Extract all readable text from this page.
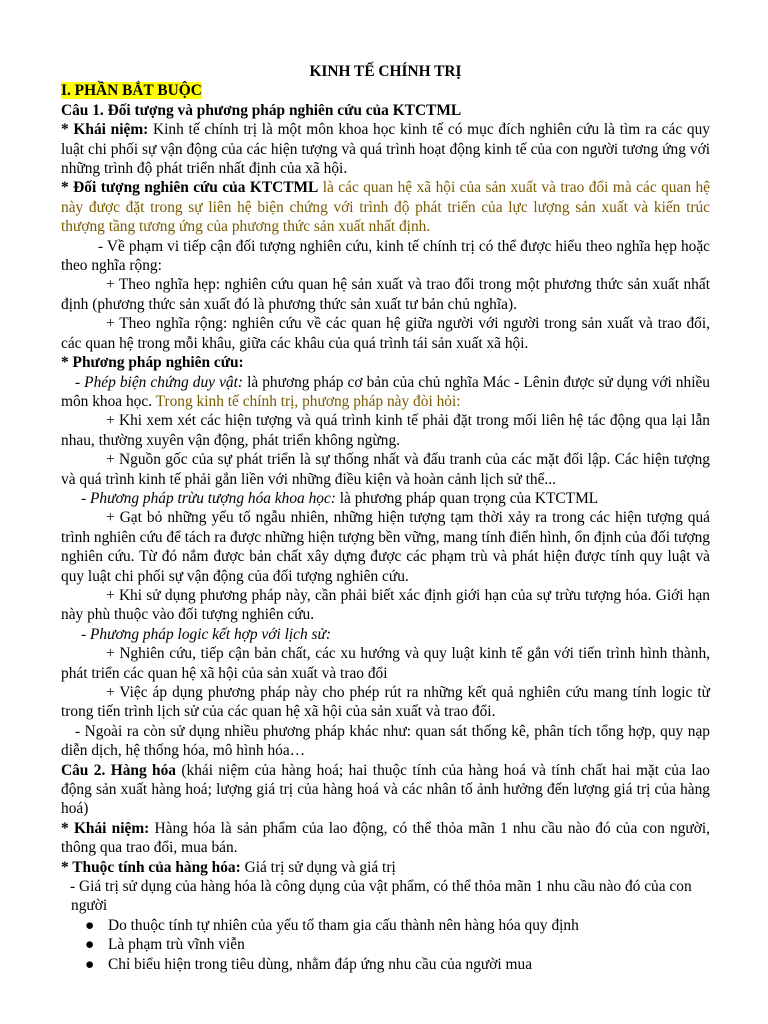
KINH TẾ CHÍNH TRỊ

I. PHẦN BẮT BUỘC

Câu 1. Đối tượng và phương pháp nghiên cứu của KTCTML

* Khái niệm: Kinh tế chính trị là một môn khoa học kinh tế có mục đích nghiên cứu là tìm ra các quy luật chi phối sự vận động của các hiện tượng và quá trình hoạt động kinh tế của con người tương ứng với những trình độ phát triển nhất định của xã hội.

* Đối tượng nghiên cứu của KTCTML là các quan hệ xã hội của sản xuất và trao đổi mà các quan hệ này được đặt trong sự liên hệ biện chứng với trình độ phát triển của lực lượng sản xuất và kiến trúc thượng tầng tương ứng của phương thức sản xuất nhất định.

- Về phạm vi tiếp cận đối tượng nghiên cứu, kinh tế chính trị có thể được hiểu theo nghĩa hẹp hoặc theo nghĩa rộng:

+ Theo nghĩa hẹp: nghiên cứu quan hệ sản xuất và trao đổi trong một phương thức sản xuất nhất định (phương thức sản xuất đó là phương thức sản xuất tư bản chủ nghĩa).

+ Theo nghĩa rộng: nghiên cứu về các quan hệ giữa người với người trong sản xuất và trao đổi, các quan hệ trong mỗi khâu, giữa các khâu của quá trình tái sản xuất xã hội.

* Phương pháp nghiên cứu:

- Phép biện chứng duy vật: là phương pháp cơ bản của chủ nghĩa Mác - Lênin được sử dụng với nhiều môn khoa học. Trong kinh tế chính trị, phương pháp này đòi hỏi:

+ Khi xem xét các hiện tượng và quá trình kinh tế phải đặt trong mối liên hệ tác động qua lại lẫn nhau, thường xuyên vận động, phát triển không ngừng.

+ Nguồn gốc của sự phát triển là sự thống nhất và đấu tranh của các mặt đối lập. Các hiện tượng và quá trình kinh tế phải gắn liền với những điều kiện và hoàn cảnh lịch sử thể...

- Phương pháp trừu tượng hóa khoa học: là phương pháp quan trọng của KTCTML

+ Gạt bỏ những yếu tố ngẫu nhiên, những hiện tượng tạm thời xảy ra trong các hiện tượng quá trình nghiên cứu để tách ra được những hiện tượng bền vững, mang tính điển hình, ổn định của đối tượng nghiên cứu. Từ đó nắm được bản chất xây dựng được các phạm trù và phát hiện được tính quy luật và quy luật chi phối sự vận động của đối tượng nghiên cứu.

+ Khi sử dụng phương pháp này, cần phải biết xác định giới hạn của sự trừu tượng hóa. Giới hạn này phù thuộc vào đối tượng nghiên cứu.

- Phương pháp logic kết hợp với lịch sử:

+ Nghiên cứu, tiếp cận bản chất, các xu hướng và quy luật kinh tế gắn với tiến trình hình thành, phát triển các quan hệ xã hội của sản xuất và trao đổi

+ Việc áp dụng phương pháp này cho phép rút ra những kết quả nghiên cứu mang tính logic từ trong tiến trình lịch sử của các quan hệ xã hội của sản xuất và trao đổi.

- Ngoài ra còn sử dụng nhiều phương pháp khác như: quan sát thống kê, phân tích tổng hợp, quy nạp diễn dịch, hệ thống hóa, mô hình hóa…

Câu 2. Hàng hóa (khái niệm của hàng hoá; hai thuộc tính của hàng hoá và tính chất hai mặt của lao động sản xuất hàng hoá; lượng giá trị của hàng hoá và các nhân tố ảnh hưởng đến lượng giá trị của hàng hoá)

* Khái niệm: Hàng hóa là sản phẩm của lao động, có thể thỏa mãn 1 nhu cầu nào đó của con người, thông qua trao đổi, mua bán.

* Thuộc tính của hàng hóa: Giá trị sử dụng và giá trị

- Giá trị sử dụng của hàng hóa là công dụng của vật phẩm, có thể thỏa mãn 1 nhu cầu nào đó của con người

● Do thuộc tính tự nhiên của yếu tố tham gia cấu thành nên hàng hóa quy định
● Là phạm trù vĩnh viễn
● Chỉ biểu hiện trong tiêu dùng, nhằm đáp ứng nhu cầu của người mua
